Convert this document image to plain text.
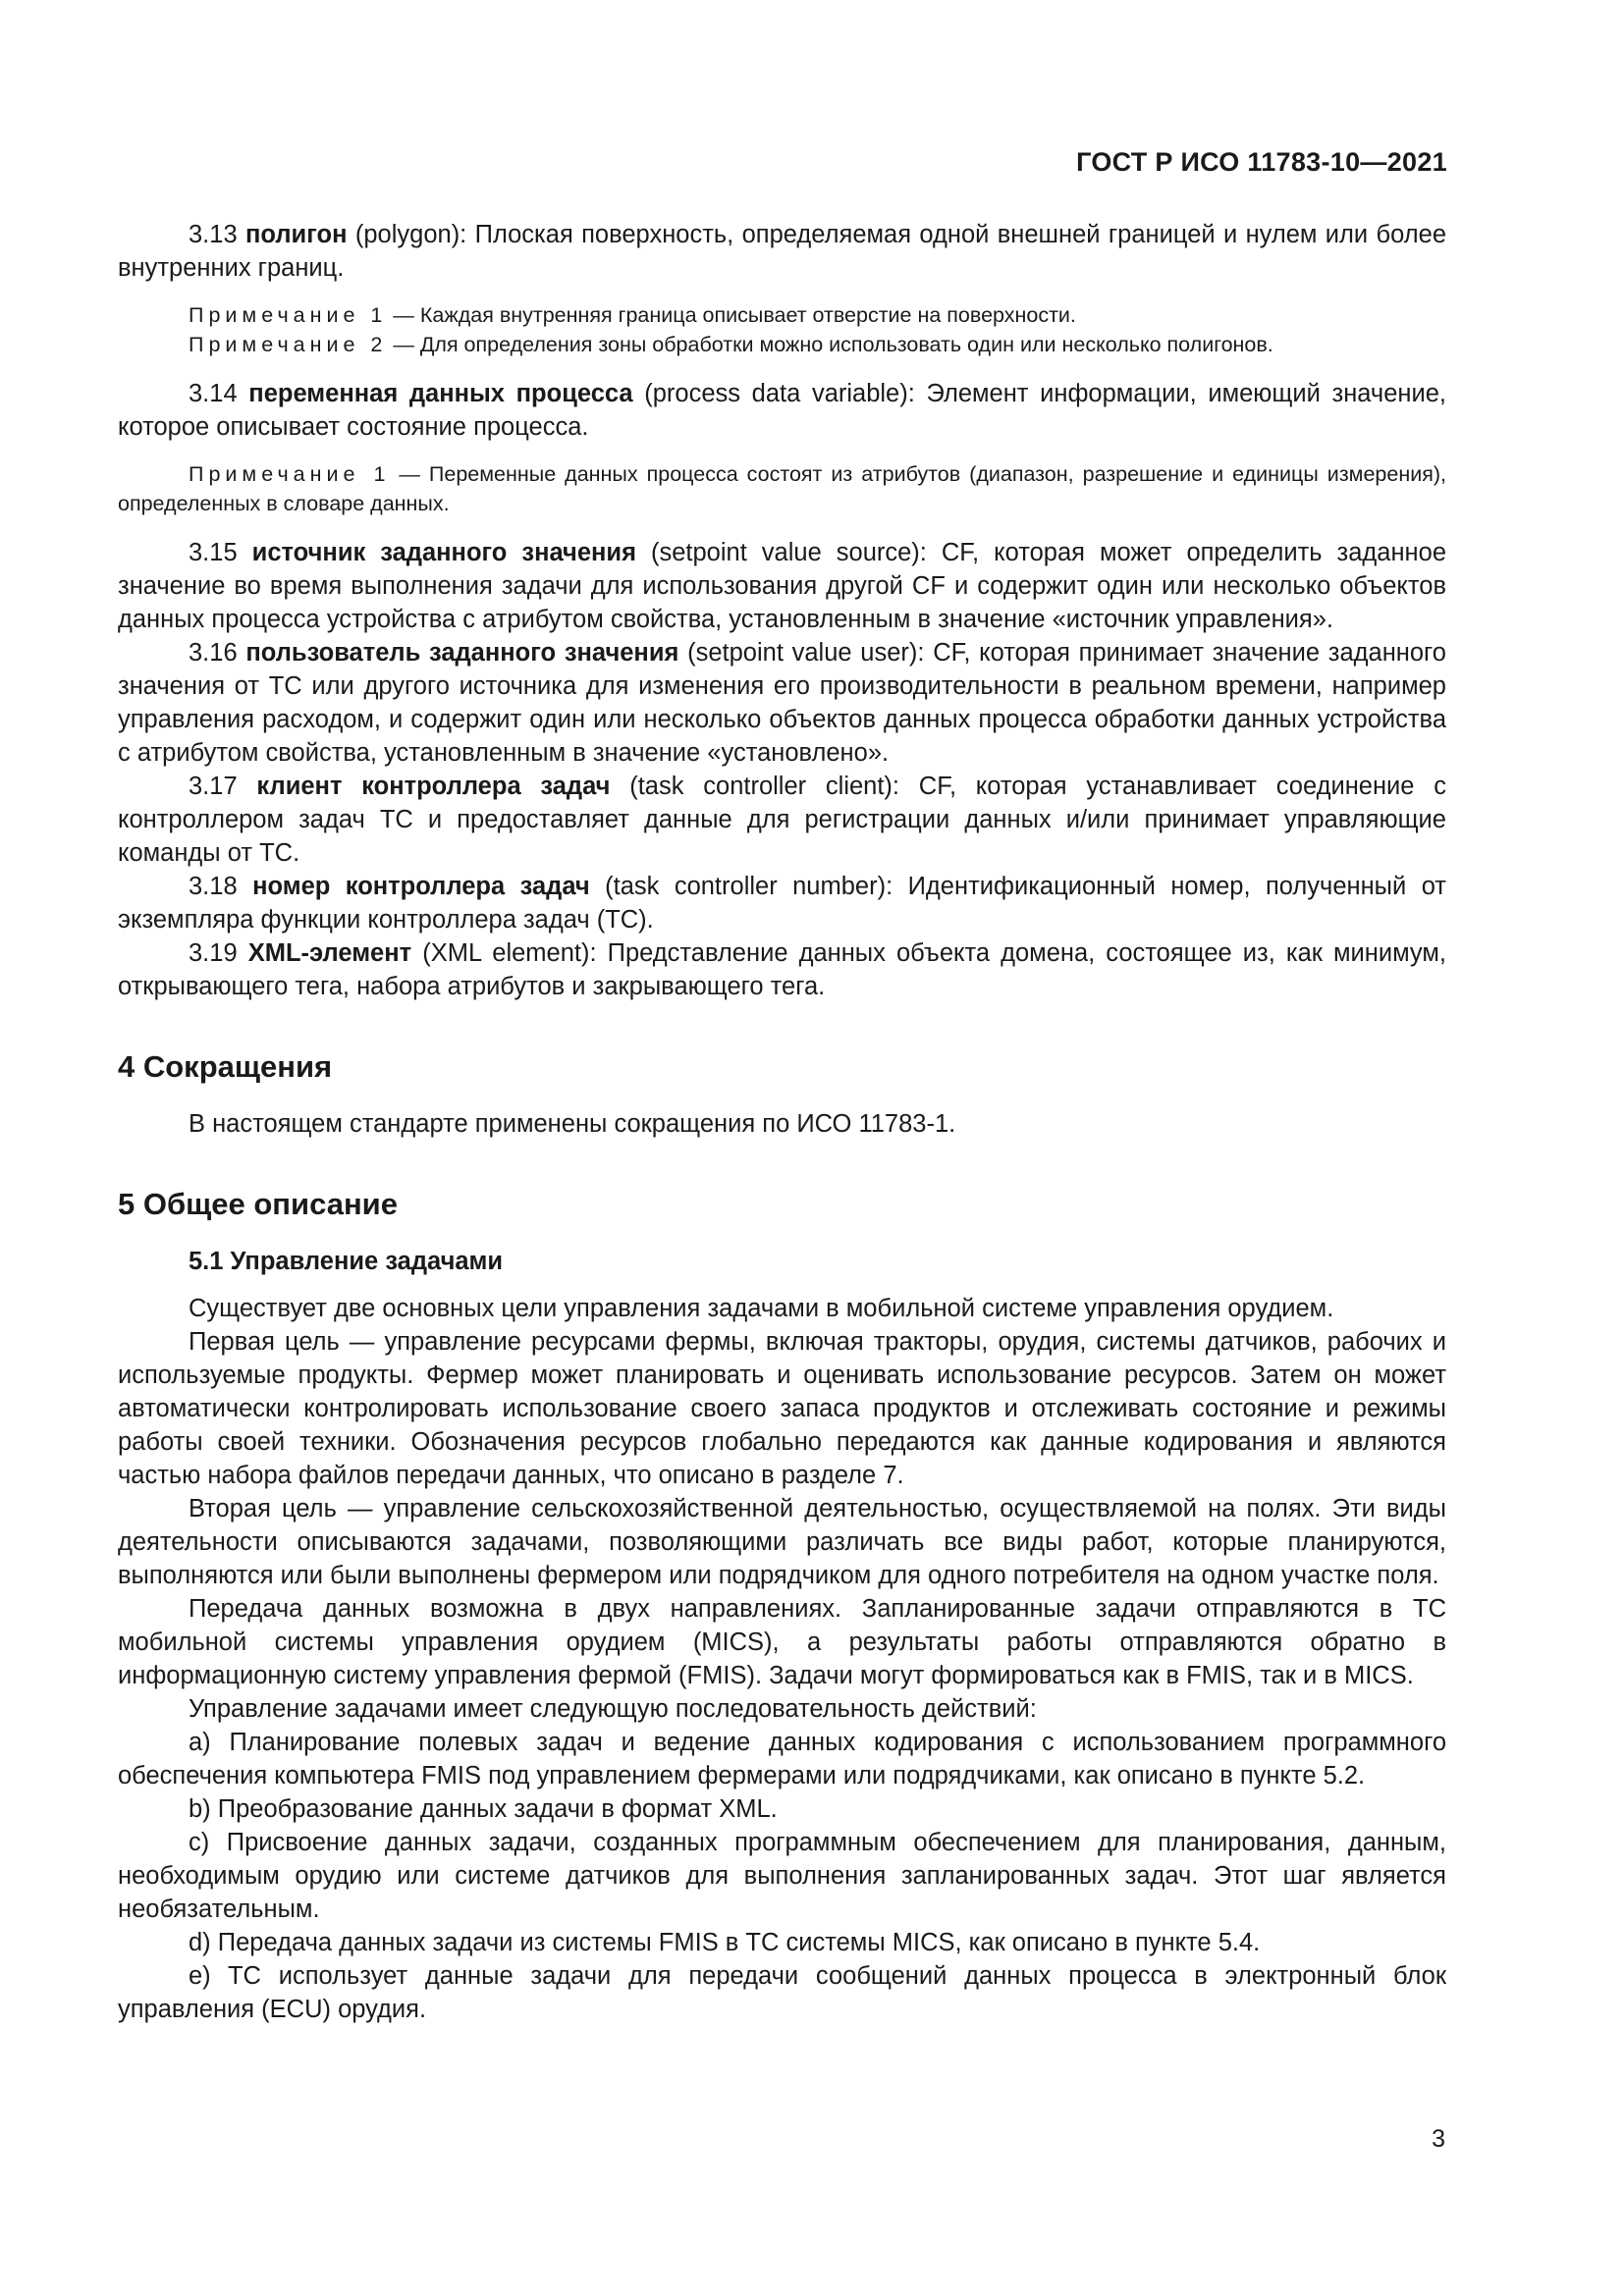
ГОСТ Р ИСО 11783-10—2021

3.13 полигон (polygon): Плоская поверхность, определяемая одной внешней границей и нулем или более внутренних границ.

Примечание 1 — Каждая внутренняя граница описывает отверстие на поверхности.

Примечание 2 — Для определения зоны обработки можно использовать один или несколько полигонов.

3.14 переменная данных процесса (process data variable): Элемент информации, имеющий значение, которое описывает состояние процесса.

Примечание 1 — Переменные данных процесса состоят из атрибутов (диапазон, разрешение и единицы измерения), определенных в словаре данных.

3.15 источник заданного значения (setpoint value source): CF, которая может определить заданное значение во время выполнения задачи для использования другой CF и содержит один или несколько объектов данных процесса устройства с атрибутом свойства, установленным в значение «источник управления».

3.16 пользователь заданного значения (setpoint value user): CF, которая принимает значение заданного значения от TC или другого источника для изменения его производительности в реальном времени, например управления расходом, и содержит один или несколько объектов данных процесса обработки данных устройства с атрибутом свойства, установленным в значение «установлено».

3.17 клиент контроллера задач (task controller client): CF, которая устанавливает соединение с контроллером задач TC и предоставляет данные для регистрации данных и/или принимает управляющие команды от TC.

3.18 номер контроллера задач (task controller number): Идентификационный номер, полученный от экземпляра функции контроллера задач (TC).

3.19 XML-элемент (XML element): Представление данных объекта домена, состоящее из, как минимум, открывающего тега, набора атрибутов и закрывающего тега.

4 Сокращения

В настоящем стандарте применены сокращения по ИСО 11783-1.

5 Общее описание
5.1 Управление задачами

Существует две основных цели управления задачами в мобильной системе управления орудием.

Первая цель — управление ресурсами фермы, включая тракторы, орудия, системы датчиков, рабочих и используемые продукты. Фермер может планировать и оценивать использование ресурсов. Затем он может автоматически контролировать использование своего запаса продуктов и отслеживать состояние и режимы работы своей техники. Обозначения ресурсов глобально передаются как данные кодирования и являются частью набора файлов передачи данных, что описано в разделе 7.

Вторая цель — управление сельскохозяйственной деятельностью, осуществляемой на полях. Эти виды деятельности описываются задачами, позволяющими различать все виды работ, которые планируются, выполняются или были выполнены фермером или подрядчиком для одного потребителя на одном участке поля.

Передача данных возможна в двух направлениях. Запланированные задачи отправляются в TC мобильной системы управления орудием (MICS), а результаты работы отправляются обратно в информационную систему управления фермой (FMIS). Задачи могут формироваться как в FMIS, так и в MICS.

Управление задачами имеет следующую последовательность действий:

a) Планирование полевых задач и ведение данных кодирования с использованием программного обеспечения компьютера FMIS под управлением фермерами или подрядчиками, как описано в пункте 5.2.

b) Преобразование данных задачи в формат XML.

c) Присвоение данных задачи, созданных программным обеспечением для планирования, данным, необходимым орудию или системе датчиков для выполнения запланированных задач. Этот шаг является необязательным.

d) Передача данных задачи из системы FMIS в TC системы MICS, как описано в пункте 5.4.

e) TC использует данные задачи для передачи сообщений данных процесса в электронный блок управления (ECU) орудия.

3
